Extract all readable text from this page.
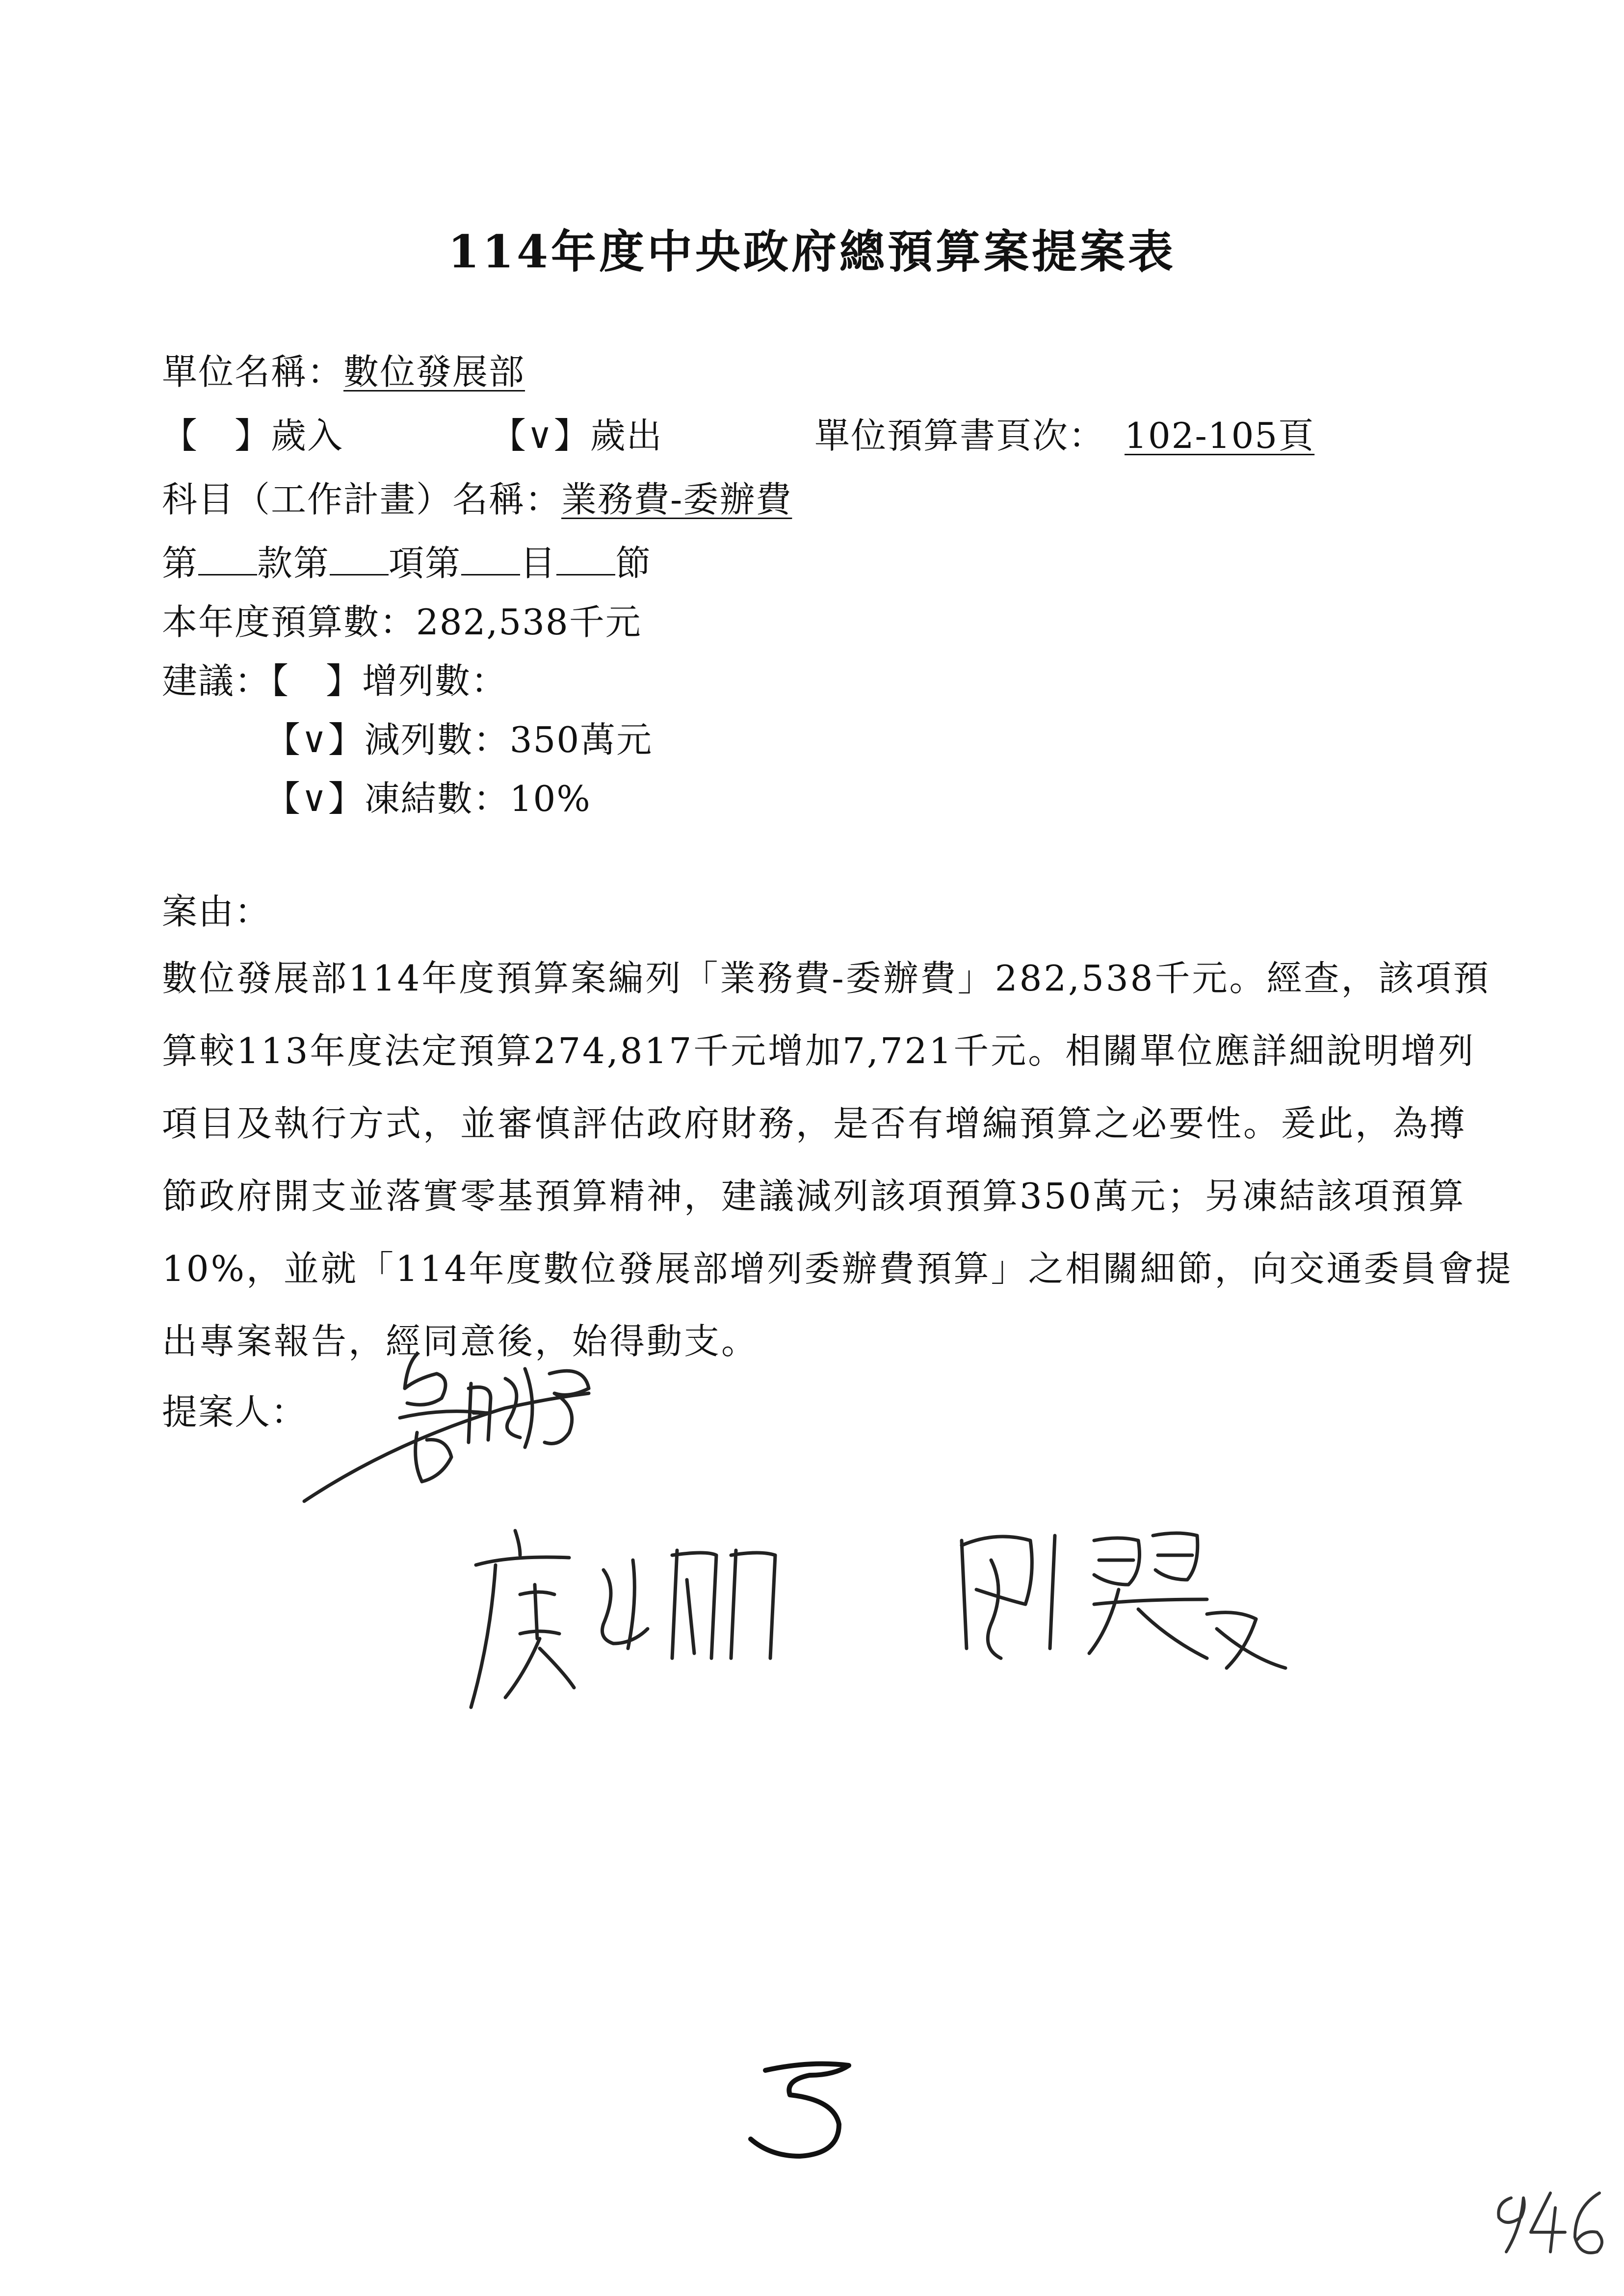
114年度中央政府總預算案提案表
單位名稱：數位發展部
【　】歲入	【∨】歲出	單位預算書頁次： 102-105頁
科目（工作計畫）名稱：業務費-委辦費
第 款第 項第 目 節
本年度預算數：282,538千元
建議：【　】增列數：
【∨】減列數：350萬元
【∨】凍結數：10%
案由：
數位發展部114年度預算案編列「業務費-委辦費」282,538千元。經查，該項預
算較113年度法定預算274,817千元增加7,721千元。相關單位應詳細說明增列
項目及執行方式，並審慎評估政府財務，是否有增編預算之必要性。爰此，為撙
節政府開支並落實零基預算精神，建議減列該項預算350萬元；另凍結該項預算
10%，並就「114年度數位發展部增列委辦費預算」之相關細節，向交通委員會提
出專案報告，經同意後，始得動支。
提案人：
